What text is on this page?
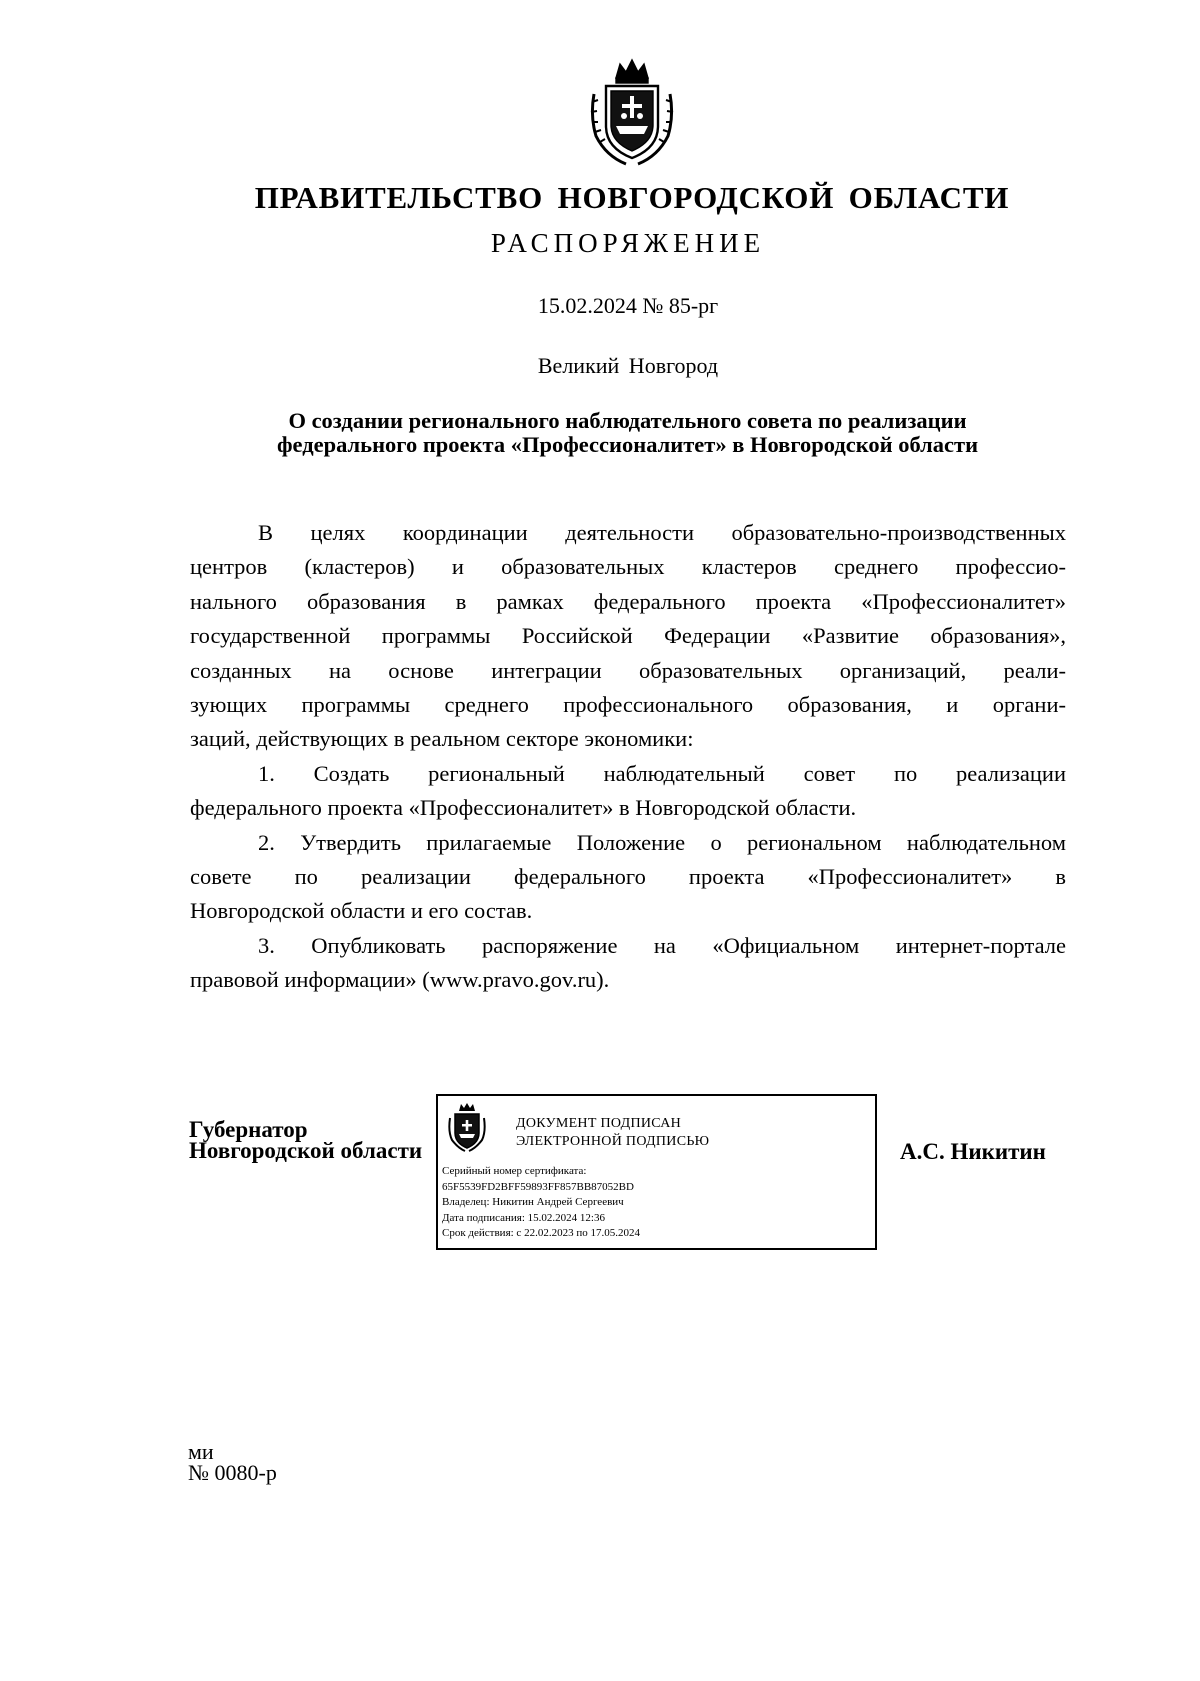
ПРАВИТЕЛЬСТВО НОВГОРОДСКОЙ ОБЛАСТИ
РАСПОРЯЖЕНИЕ
15.02.2024 № 85-рг
Великий Новгород
О создании регионального наблюдательного совета по реализации
федерального проекта «Профессионалитет» в Новгородской области
В целях координации деятельности образовательно-производственных
центров (кластеров) и образовательных кластеров среднего профессио-
нального образования в рамках федерального проекта «Профессионалитет»
государственной программы Российской Федерации «Развитие образования»,
созданных на основе интеграции образовательных организаций, реали-
зующих программы среднего профессионального образования, и органи-
заций, действующих в реальном секторе экономики:
1. Создать региональный наблюдательный совет по реализации
федерального проекта «Профессионалитет» в Новгородской области.
2. Утвердить прилагаемые Положение о региональном наблюдательном
совете по реализации федерального проекта «Профессионалитет» в
Новгородской области и его состав.
3. Опубликовать распоряжение на «Официальном интернет-портале
правовой информации» (www.pravo.gov.ru).
Губернатор
Новгородской области
ДОКУМЕНТ ПОДПИСАН
ЭЛЕКТРОННОЙ ПОДПИСЬЮ
Серийный номер сертификата:
65F5539FD2BFF59893FF857BB87052BD
Владелец: Никитин Андрей Сергеевич
Дата подписания: 15.02.2024 12:36
Срок действия: с 22.02.2023 по 17.05.2024
А.С. Никитин
ми
№ 0080-р
